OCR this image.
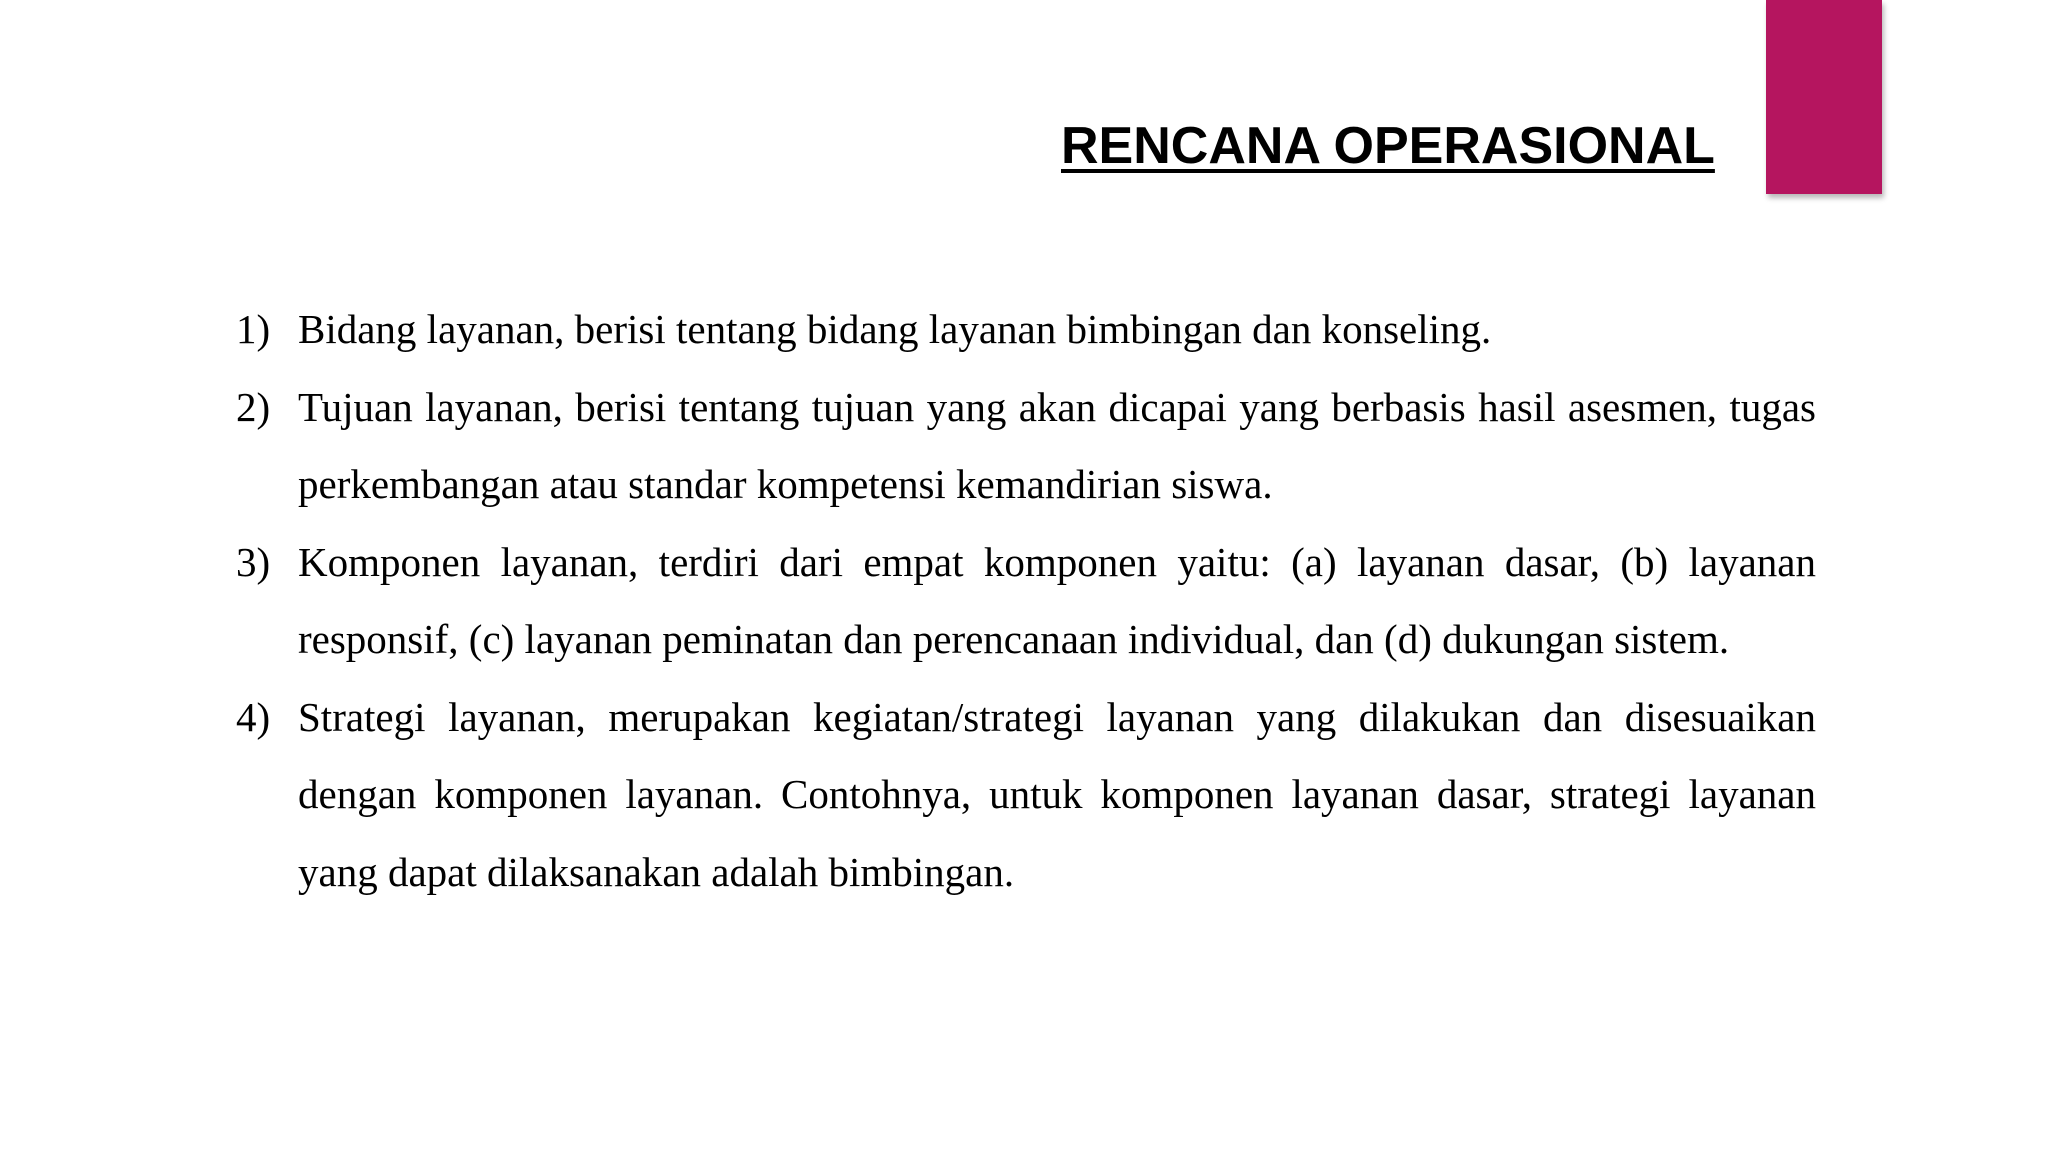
RENCANA OPERASIONAL
1) Bidang layanan, berisi tentang bidang layanan bimbingan dan konseling.
2) Tujuan layanan, berisi tentang tujuan yang akan dicapai yang berbasis hasil asesmen, tugas perkembangan atau standar kompetensi kemandirian siswa.
3) Komponen layanan, terdiri dari empat komponen yaitu: (a) layanan dasar, (b) layanan responsif, (c) layanan peminatan dan perencanaan individual, dan (d) dukungan sistem.
4) Strategi layanan, merupakan kegiatan/strategi layanan yang dilakukan dan disesuaikan dengan komponen layanan. Contohnya, untuk komponen layanan dasar, strategi layanan yang dapat dilaksanakan adalah bimbingan.
